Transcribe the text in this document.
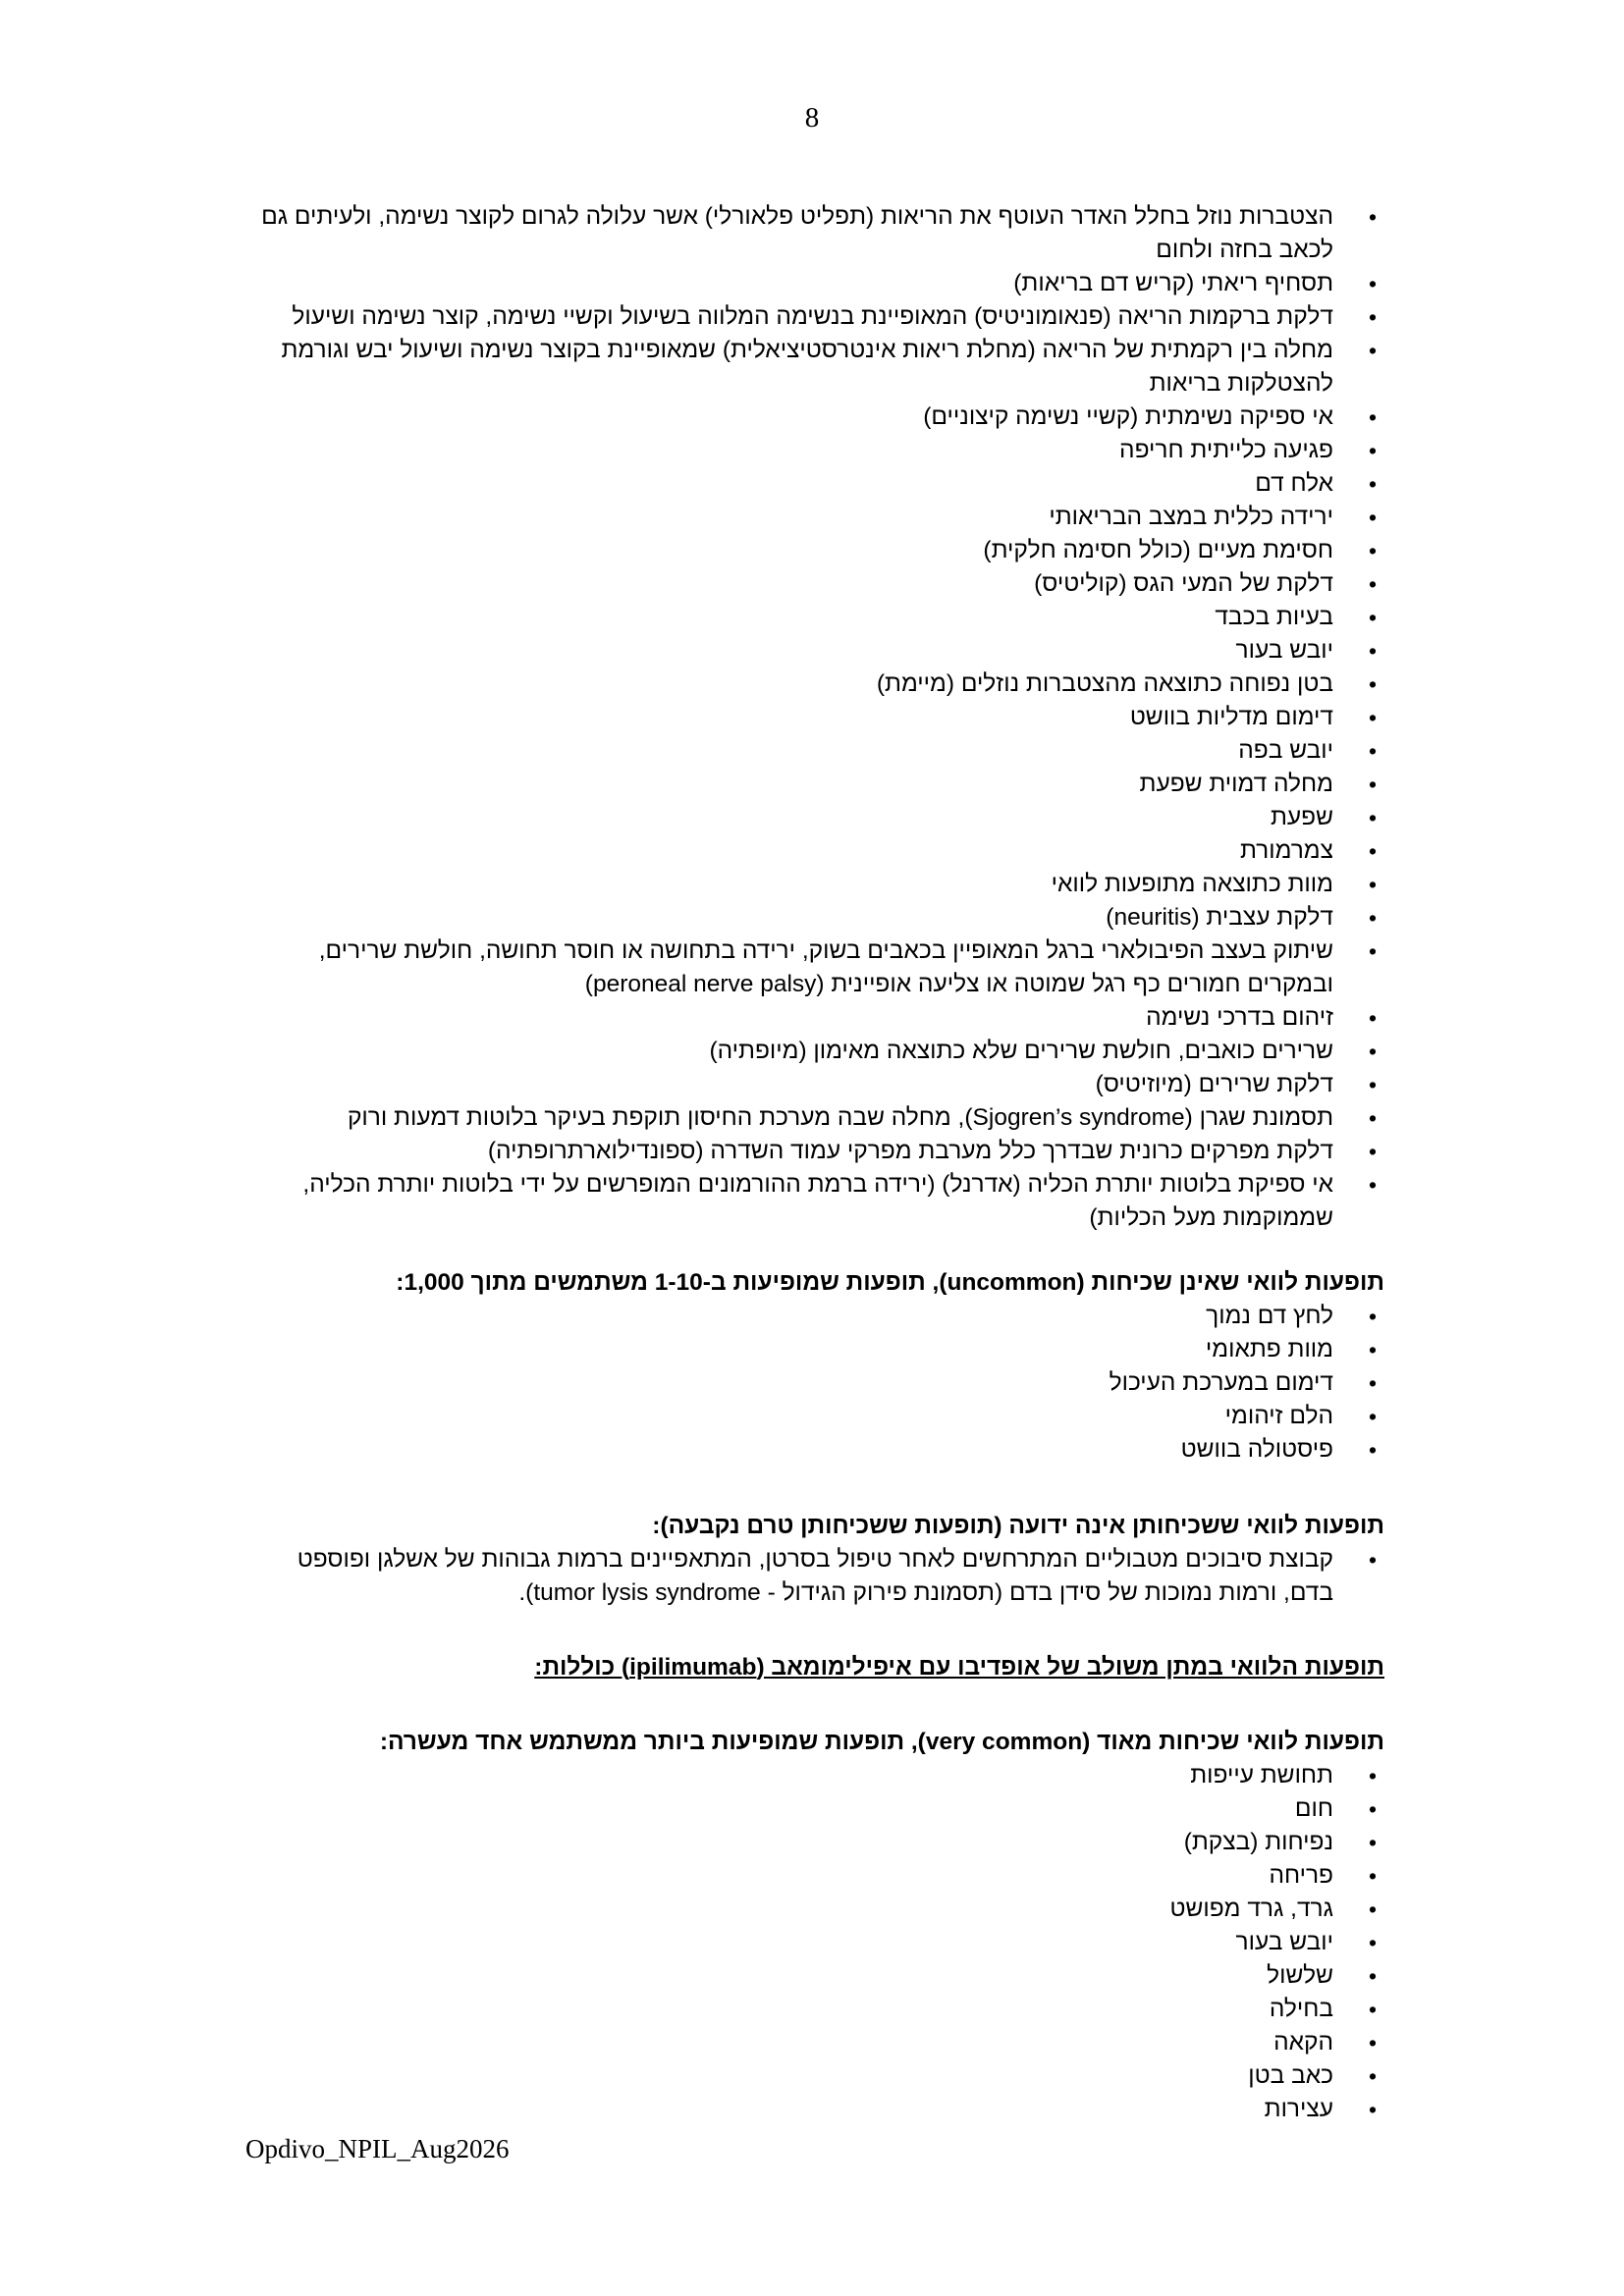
8
• הצטברות נוזל בחלל האדר העוטף את הריאות (תפליט פלאורלי) אשר עלולה לגרום לקוצר נשימה, ולעיתים גם לכאב בחזה ולחום
• תסחיף ריאתי (קריש דם בריאות)
• דלקת ברקמות הריאה (פנאומוניטיס) המאופיינת בנשימה המלווה בשיעול וקשיי נשימה, קוצר נשימה ושיעול
• מחלה בין רקמתית של הריאה (מחלת ריאות אינטרסטיציאלית) שמאופיינת בקוצר נשימה ושיעול יבש וגורמת להצטלקות בריאות
• אי ספיקה נשימתית (קשיי נשימה קיצוניים)
• פגיעה כלייתית חריפה
• אלח דם
• ירידה כללית במצב הבריאותי
• חסימת מעיים (כולל חסימה חלקית)
• דלקת של המעי הגס (קוליטיס)
• בעיות בכבד
• יובש בעור
• בטן נפוחה כתוצאה מהצטברות נוזלים (מיימת)
• דימום מדליות בוושט
• יובש בפה
• מחלה דמוית שפעת
• שפעת
• צמרמורת
• מוות כתוצאה מתופעות לוואי
• דלקת עצבית (neuritis)
• שיתוק בעצב הפיבולארי ברגל המאופיין בכאבים בשוק, ירידה בתחושה או חוסר תחושה, חולשת שרירים, ובמקרים חמורים כף רגל שמוטה או צליעה אופיינית (peroneal nerve palsy)
• זיהום בדרכי נשימה
• שרירים כואבים, חולשת שרירים שלא כתוצאה מאימון (מיופתיה)
• דלקת שרירים (מיוזיטיס)
• תסמונת שגרן (Sjogren’s syndrome), מחלה שבה מערכת החיסון תוקפת בעיקר בלוטות דמעות ורוק
• דלקת מפרקים כרונית שבדרך כלל מערבת מפרקי עמוד השדרה (ספונדילוארתרופתיה)
• אי ספיקת בלוטות יותרת הכליה (אדרנל) (ירידה ברמת ההורמונים המופרשים על ידי בלוטות יותרת הכליה, שממוקמות מעל הכליות)

תופעות לוואי שאינן שכיחות (uncommon), תופעות שמופיעות ב-1-10 משתמשים מתוך 1,000:

• לחץ דם נמוך
• מוות פתאומי
• דימום במערכת העיכול
• הלם זיהומי
• פיסטולה בוושט

תופעות לוואי ששכיחותן אינה ידועה (תופעות ששכיחותן טרם נקבעה):

• קבוצת סיבוכים מטבוליים המתרחשים לאחר טיפול בסרטן, המתאפיינים ברמות גבוהות של אשלגן ופוספט בדם, ורמות נמוכות של סידן בדם (תסמונת פירוק הגידול - tumor lysis syndrome).

תופעות הלוואי במתן משולב של אופדיבו עם איפילימומאב (ipilimumab) כוללות:

תופעות לוואי שכיחות מאוד (very common), תופעות שמופיעות ביותר ממשתמש אחד מעשרה:

• תחושת עייפות
• חום
• נפיחות (בצקת)
• פריחה
• גרד, גרד מפושט
• יובש בעור
• שלשול
• בחילה
• הקאה
• כאב בטן
• עצירות
Opdivo_NPIL_Aug2026
